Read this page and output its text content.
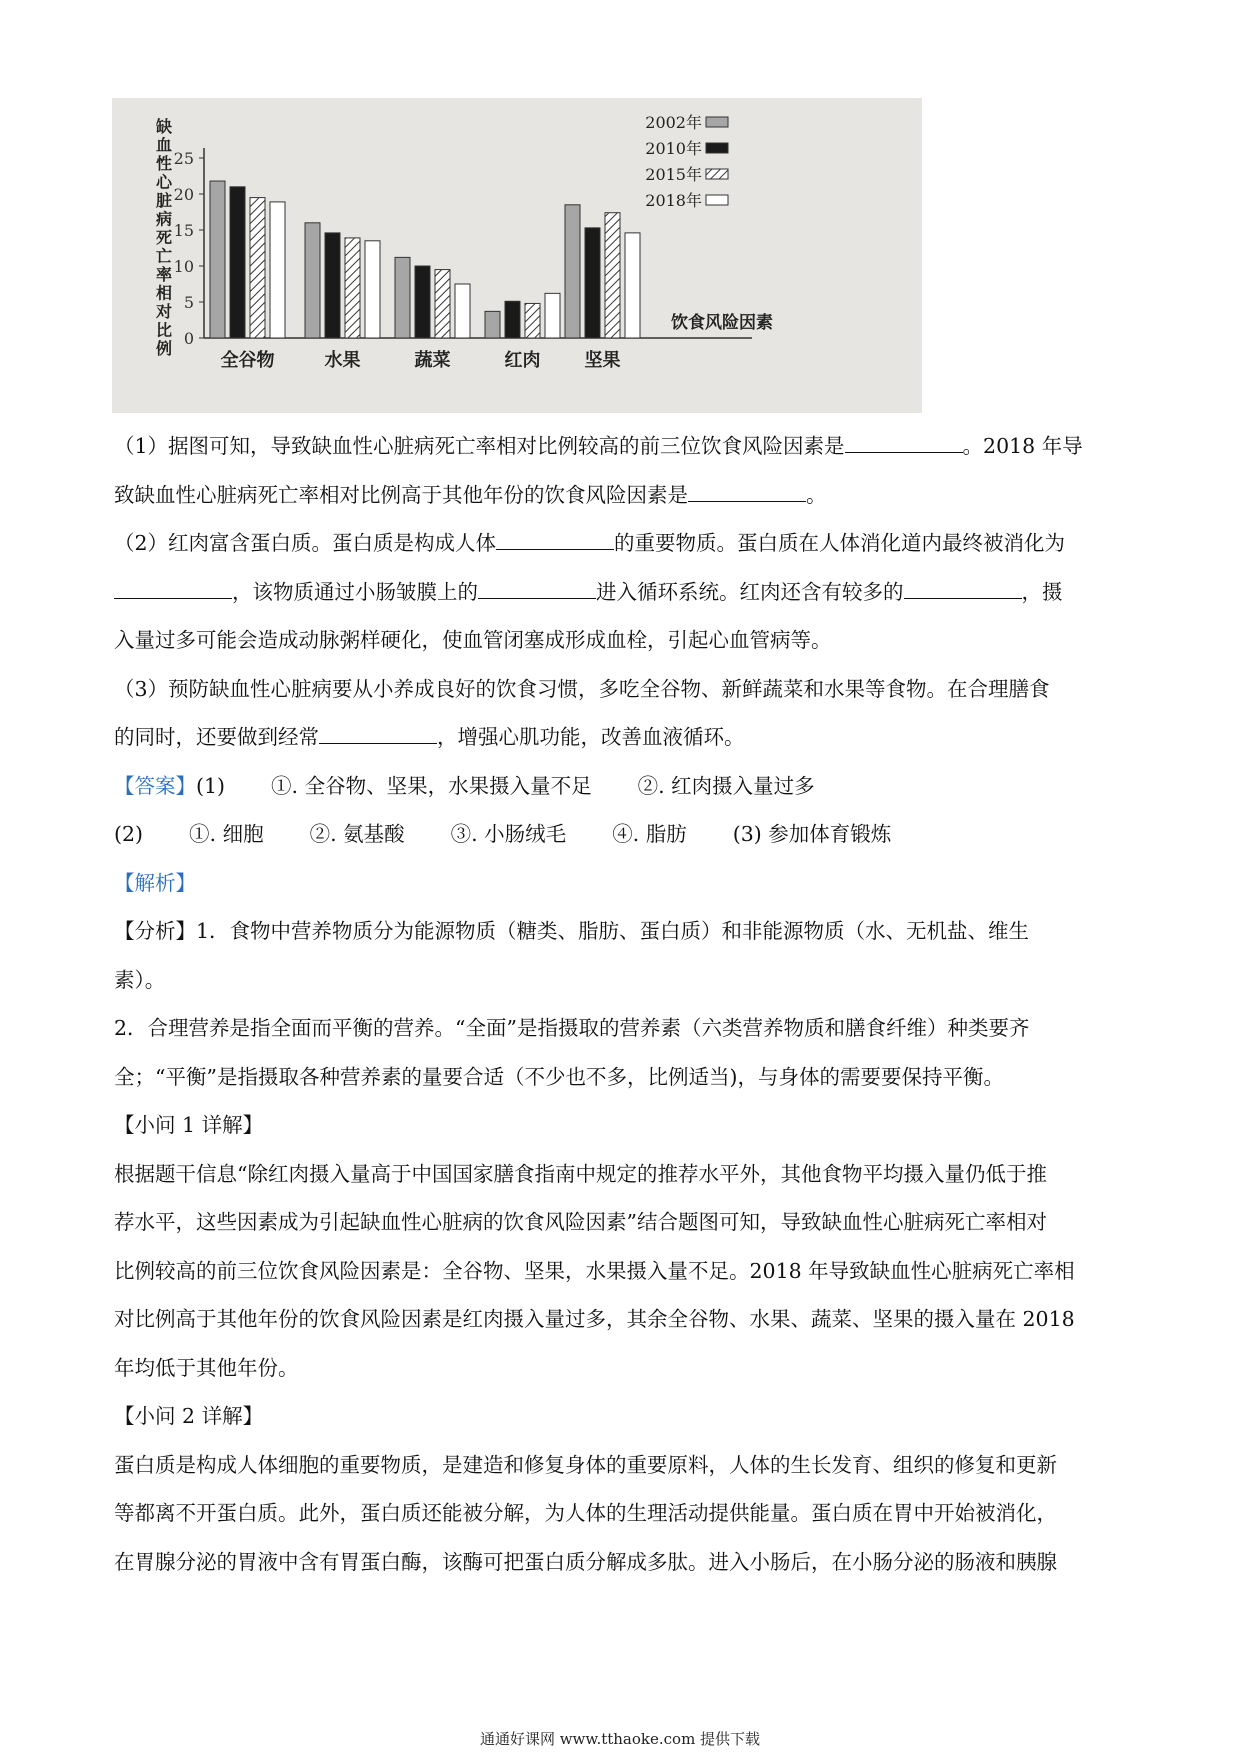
0
5
10
15
20
25
缺
血
性
心
脏
病
死
亡
率
相
对
比
例
全谷物	水果	蔬菜	红肉 坚果
饮食风险因素
2002年
2010年
2015年
2018年

（1）据图可知，导致缺血性心脏病死亡率相对比例较高的前三位饮食风险因素是	。2018 年导

致缺血性心脏病死亡率相对比例高于其他年份的饮食风险因素是	。

（2）红肉富含蛋白质。蛋白质是构成人体	的重要物质。蛋白质在人体消化道内最终被消化为

，该物质通过小肠皱膜上的	进入循环系统。红肉还含有较多的	，摄

入量过多可能会造成动脉粥样硬化，使血管闭塞成形成血栓，引起心血管病等。

（3）预防缺血性心脏病要从小养成良好的饮食习惯，多吃全谷物、新鲜蔬菜和水果等食物。在合理膳食

的同时，还要做到经常	，增强心肌功能，改善血液循环。

【答案】(1) ①. 全谷物、坚果，水果摄入量不足 ②. 红肉摄入量过多

(2) ①. 细胞 ②. 氨基酸 ③. 小肠绒毛 ④. 脂肪 (3) 参加体育锻炼

【解析】

【分析】1．食物中营养物质分为能源物质（糖类、脂肪、蛋白质）和非能源物质（水、无机盐、维生

素）。

2．合理营养是指全面而平衡的营养。“全面”是指摄取的营养素（六类营养物质和膳食纤维）种类要齐

全；“平衡”是指摄取各种营养素的量要合适（不少也不多，比例适当)，与身体的需要要保持平衡。

【小问 1 详解】

根据题干信息“除红肉摄入量高于中国国家膳食指南中规定的推荐水平外，其他食物平均摄入量仍低于推

荐水平，这些因素成为引起缺血性心脏病的饮食风险因素”结合题图可知，导致缺血性心脏病死亡率相对

比例较高的前三位饮食风险因素是：全谷物、坚果，水果摄入量不足。2018 年导致缺血性心脏病死亡率相

对比例高于其他年份的饮食风险因素是红肉摄入量过多，其余全谷物、水果、蔬菜、坚果的摄入量在 2018

年均低于其他年份。

【小问 2 详解】

蛋白质是构成人体细胞的重要物质，是建造和修复身体的重要原料，人体的生长发育、组织的修复和更新

等都离不开蛋白质。此外，蛋白质还能被分解，为人体的生理活动提供能量。蛋白质在胃中开始被消化，

在胃腺分泌的胃液中含有胃蛋白酶，该酶可把蛋白质分解成多肽。进入小肠后，在小肠分泌的肠液和胰腺

通通好课网 www.tthaoke.com 提供下载
